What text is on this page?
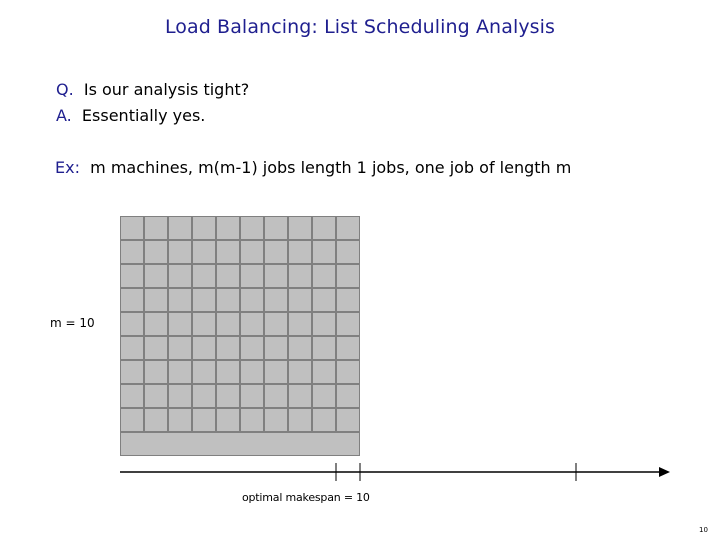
Load Balancing: List Scheduling Analysis
Q. Is our analysis tight?
A. Essentially yes.
Ex: m machines, m(m-1) jobs length 1 jobs, one job of length m
m = 10
optimal makespan = 10
10
